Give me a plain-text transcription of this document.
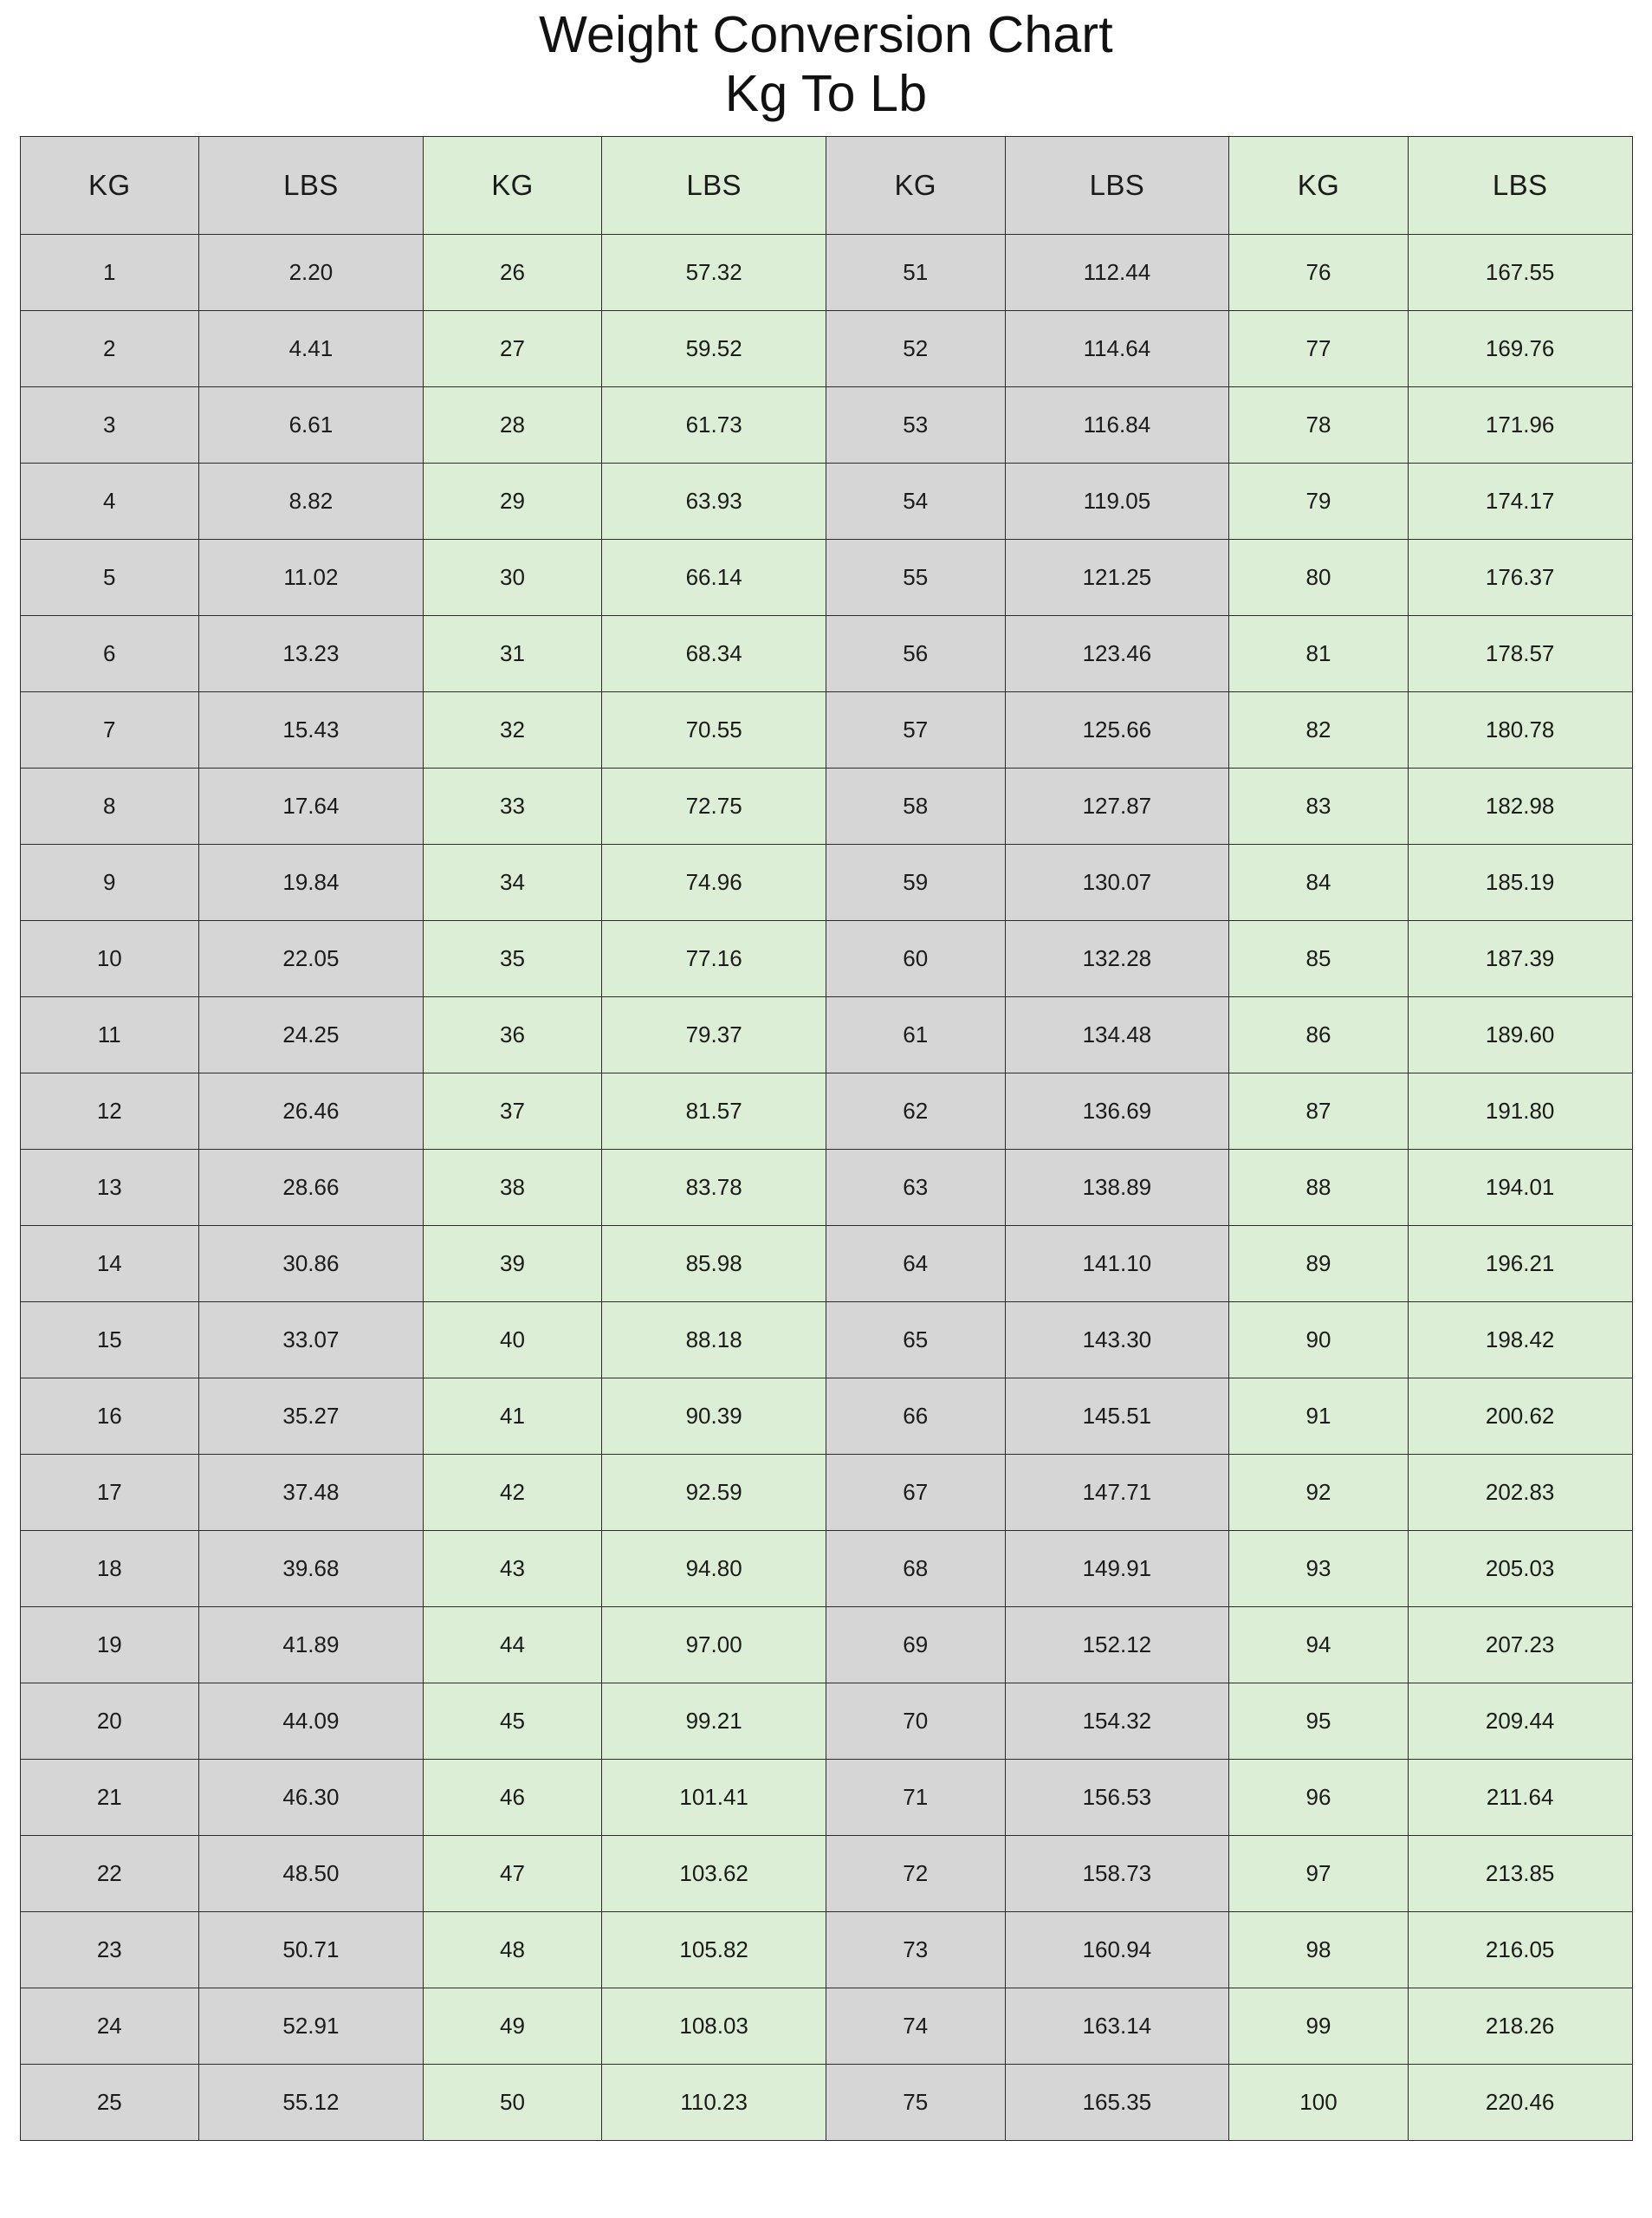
Weight Conversion Chart
Kg To Lb
KG	LBS	KG	LBS	KG	LBS	KG	LBS
1	2.20	26	57.32	51	112.44	76	167.55
2	4.41	27	59.52	52	114.64	77	169.76
3	6.61	28	61.73	53	116.84	78	171.96
4	8.82	29	63.93	54	119.05	79	174.17
5	11.02	30	66.14	55	121.25	80	176.37
6	13.23	31	68.34	56	123.46	81	178.57
7	15.43	32	70.55	57	125.66	82	180.78
8	17.64	33	72.75	58	127.87	83	182.98
9	19.84	34	74.96	59	130.07	84	185.19
10	22.05	35	77.16	60	132.28	85	187.39
11	24.25	36	79.37	61	134.48	86	189.60
12	26.46	37	81.57	62	136.69	87	191.80
13	28.66	38	83.78	63	138.89	88	194.01
14	30.86	39	85.98	64	141.10	89	196.21
15	33.07	40	88.18	65	143.30	90	198.42
16	35.27	41	90.39	66	145.51	91	200.62
17	37.48	42	92.59	67	147.71	92	202.83
18	39.68	43	94.80	68	149.91	93	205.03
19	41.89	44	97.00	69	152.12	94	207.23
20	44.09	45	99.21	70	154.32	95	209.44
21	46.30	46	101.41	71	156.53	96	211.64
22	48.50	47	103.62	72	158.73	97	213.85
23	50.71	48	105.82	73	160.94	98	216.05
24	52.91	49	108.03	74	163.14	99	218.26
25	55.12	50	110.23	75	165.35	100	220.46
